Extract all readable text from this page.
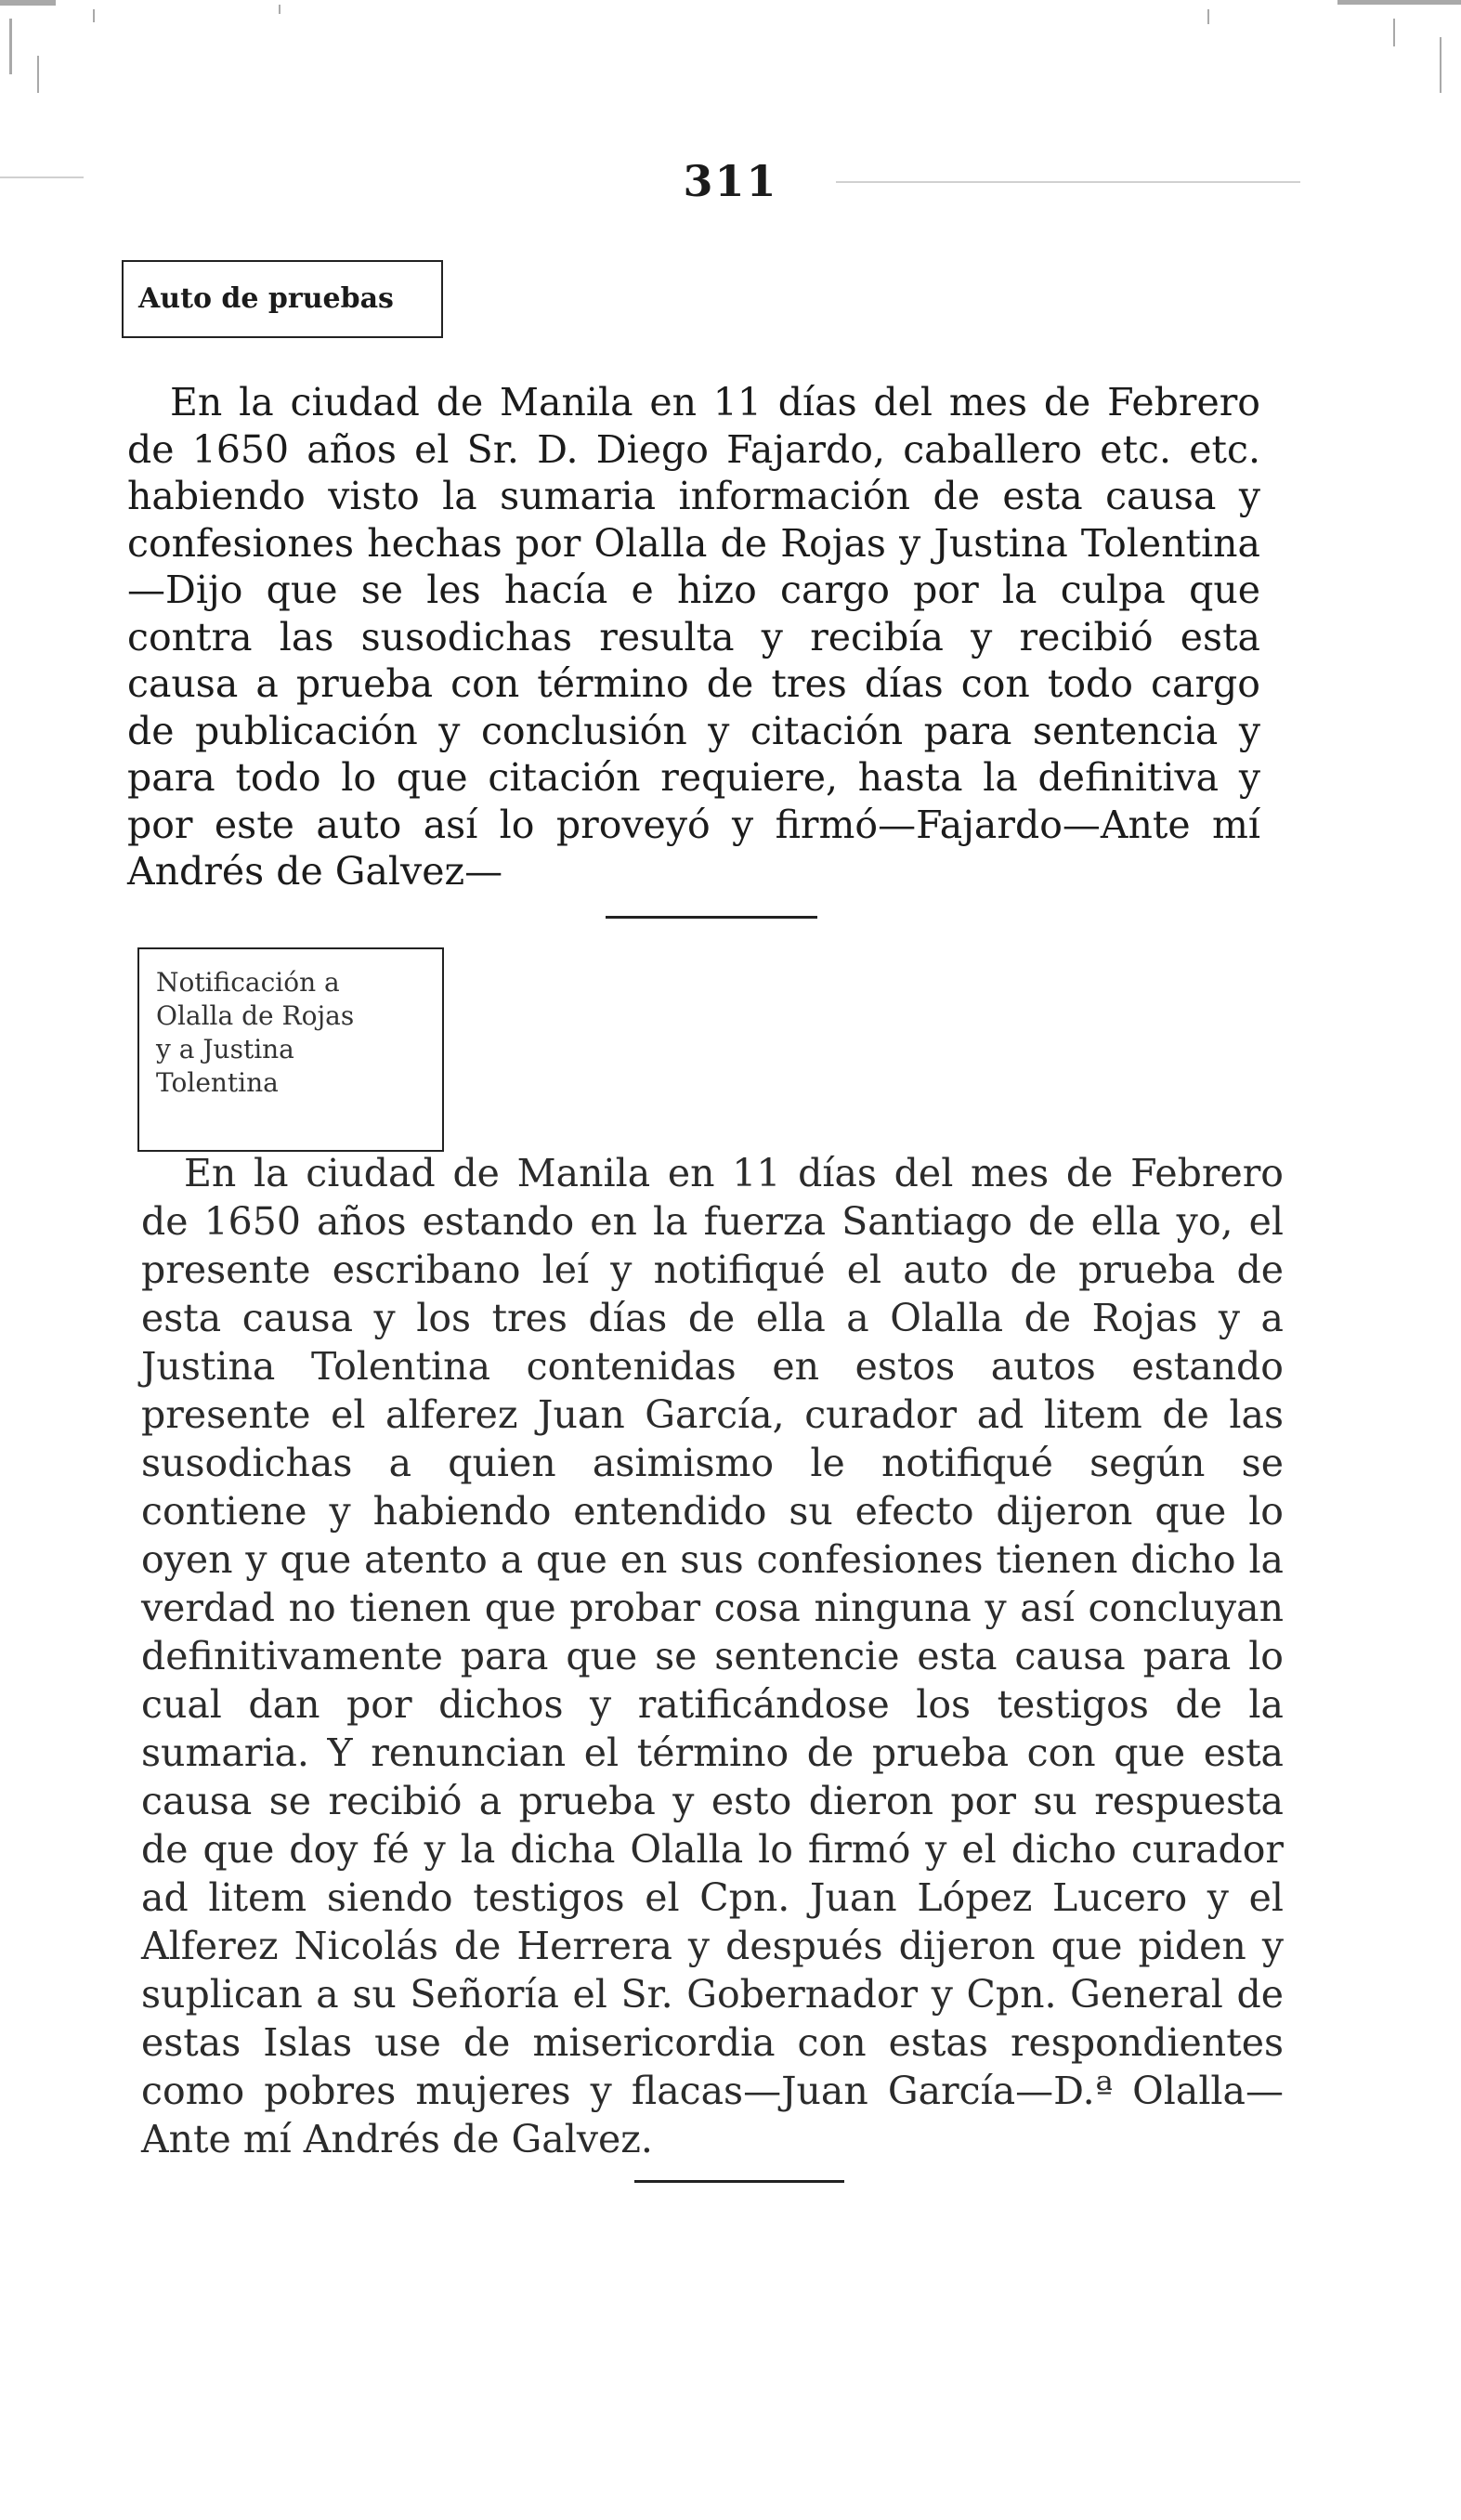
311
Auto de pruebas
En la ciudad de Manila en 11 días del mes de Febrero de 1650 años el Sr. D. Diego Fajardo, caballero etc. etc. habiendo visto la sumaria información de esta causa y confesiones hechas por Olalla de Rojas y Justina Tolentina—Dijo que se les hacía e hizo cargo por la culpa que contra las susodichas resulta y recibía y recibió esta causa a prueba con término de tres días con todo cargo de publicación y conclusión y citación para sentencia y para todo lo que citación requiere, hasta la definitiva y por este auto así lo proveyó y firmó—Fajardo—Ante mí Andrés de Galvez—
Notificación a
Olalla de Rojas
y a Justina
Tolentina
En la ciudad de Manila en 11 días del mes de Febrero de 1650 años estando en la fuerza Santiago de ella yo, el presente escribano leí y notifiqué el auto de prueba de esta causa y los tres días de ella a Olalla de Rojas y a Justina Tolentina contenidas en estos autos estando presente el alferez Juan García, curador ad litem de las susodichas a quien asimismo le notifiqué según se contiene y habiendo entendido su efecto dijeron que lo oyen y que atento a que en sus confesiones tienen dicho la verdad no tienen que probar cosa ninguna y así concluyan definitivamente para que se sentencie esta causa para lo cual dan por dichos y ratificándose los testigos de la sumaria. Y renuncian el término de prueba con que esta causa se recibió a prueba y esto dieron por su respuesta de que doy fé y la dicha Olalla lo firmó y el dicho curador ad litem siendo testigos el Cpn. Juan López Lucero y el Alferez Nicolás de Herrera y después dijeron que piden y suplican a su Señoría el Sr. Gobernador y Cpn. General de estas Islas use de misericordia con estas respondientes como pobres mujeres y flacas—Juan García—D.ª Olalla—Ante mí Andrés de Galvez.
